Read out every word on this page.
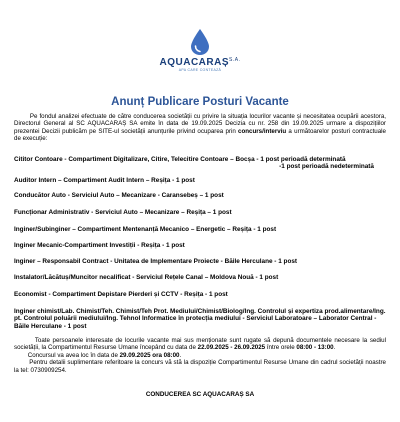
$AQUACARAȘ^{S.A.}$
APA CARE CONTEAZĂ
Anunț Publicare Posturi Vacante
Pe fondul analizei efectuate de către conducerea societății cu privire la situația locurilor vacante și necesitatea ocupării acestora, Directorul General al SC AQUACARAȘ SA emite în data de 19.09.2025 Decizia cu nr. 258 din 19.09.2025 urmare a dispozițiilor prezentei Decizii publicăm pe SITE-ul societății anunțurile privind ocuparea prin concurs/interviu a următoarelor posturi contractuale de execuție:
Cititor Contoare - Compartiment Digitalizare, Citire, Telecitire Contoare – Bocșa - 1 post perioadă determinată
-1 post perioadă nedeterminată
Auditor Intern – Compartiment Audit Intern – Reșița - 1 post
Conducător Auto - Serviciul Auto – Mecanizare - Caransebeș – 1 post
Funcționar Administrativ - Serviciul Auto – Mecanizare – Reșița – 1 post
Inginer/Subinginer – Compartiment Mentenanță Mecanico – Energetic – Reșița - 1 post
Inginer Mecanic-Compartiment Investiții - Reșița - 1 post
Inginer – Responsabil Contract - Unitatea de Implementare Proiecte - Băile Herculane - 1 post
Instalator/Lăcătuș/Muncitor necalificat - Serviciul Rețele Canal – Moldova Nouă - 1 post
Economist - Compartiment Depistare Pierderi și CCTV - Reșița - 1 post
Inginer chimist/Lab. Chimist/Teh. Chimist/Teh Prot. Mediului/Chimist/Biolog/Ing. Controlul și expertiza prod.alimentare/Ing. pt. Controlul poluării mediului/Ing. Tehnol Informatice în protecția mediului - Serviciul Laboratoare – Laborator Central - Băile Herculane - 1 post
Toate persoanele interesate de locurile vacante mai sus menționate sunt rugate să depună documentele necesare la sediul societății, la Compartimentul Resurse Umane începând cu data de 22.09.2025 - 26.09.2025 între orele 08:00 - 13:00.
Concursul va avea loc în data de 29.09.2025 ora 08:00.
Pentru detalii suplimentare referitoare la concurs vă stă la dispoziție Compartimentul Resurse Umane din cadrul societății noastre la tel: 0730909254.
CONDUCEREA SC AQUACARAȘ SA
